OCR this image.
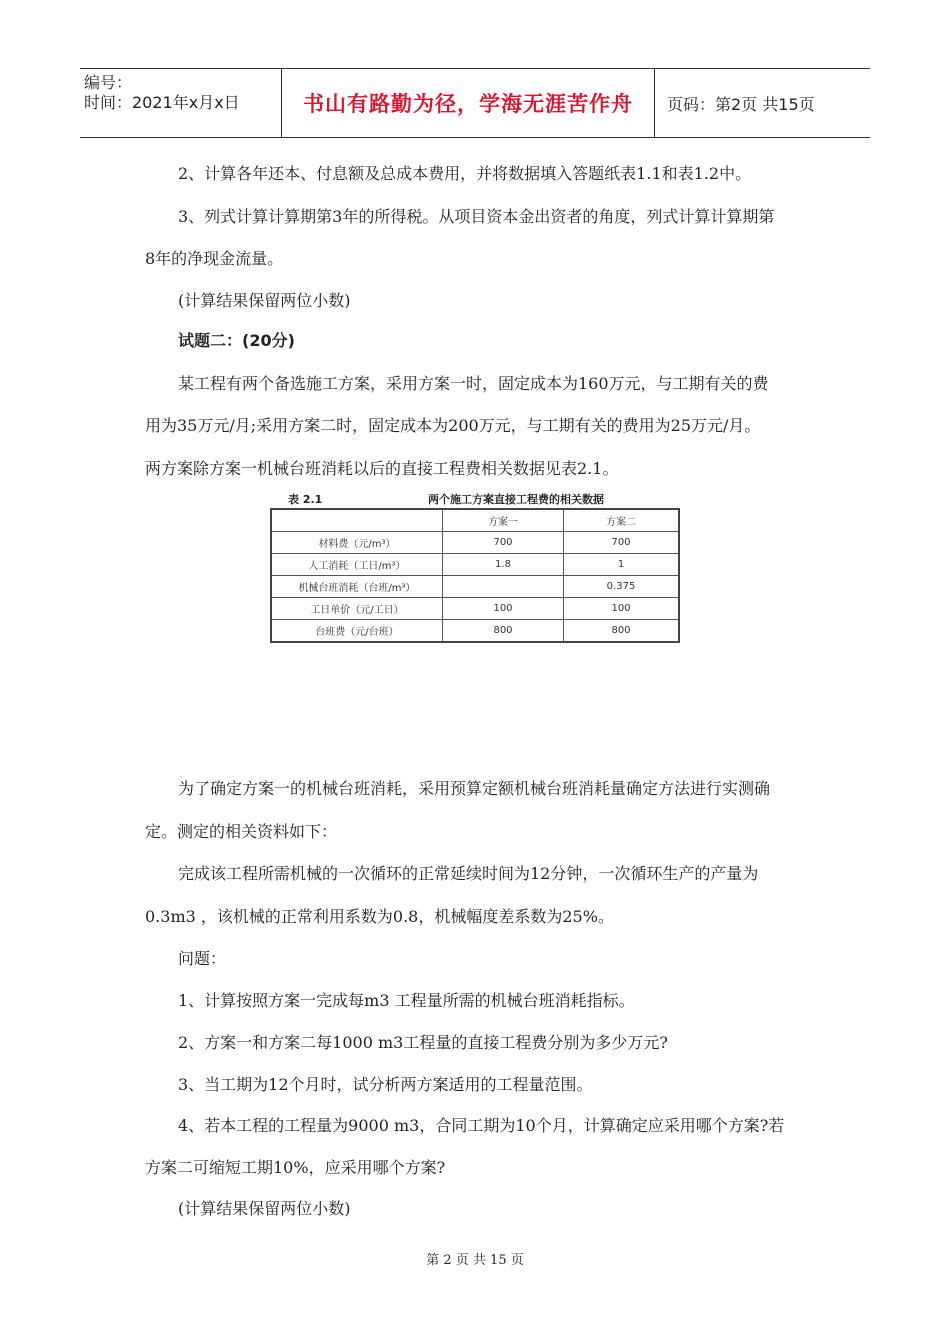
编号：
时间：2021年x月x日	书山有路勤为径，学海无涯苦作舟	页码：第2页 共15页
2、计算各年还本、付息额及总成本费用，并将数据填入答题纸表1.1和表1.2中。
3、列式计算计算期第3年的所得税。从项目资本金出资者的角度，列式计算计算期第
8年的净现金流量。
(计算结果保留两位小数)
试题二：(20分)
某工程有两个备选施工方案，采用方案一时，固定成本为160万元，与工期有关的费
用为35万元/月;采用方案二时，固定成本为200万元，与工期有关的费用为25万元/月。
两方案除方案一机械台班消耗以后的直接工程费相关数据见表2.1。
表 2.1	两个施工方案直接工程费的相关数据
	方案一	方案二
材料费（元/m³）	700	700
人工消耗（工日/m³）	1.8	1
机械台班消耗（台班/m³）		0.375
工日单价（元/工日）	100	100
台班费（元/台班）	800	800
为了确定方案一的机械台班消耗，采用预算定额机械台班消耗量确定方法进行实测确
定。测定的相关资料如下：
完成该工程所需机械的一次循环的正常延续时间为12分钟，一次循环生产的产量为
0.3m3 ，该机械的正常利用系数为0.8，机械幅度差系数为25%。
问题：
1、计算按照方案一完成每m3 工程量所需的机械台班消耗指标。
2、方案一和方案二每1000 m3工程量的直接工程费分别为多少万元?
3、当工期为12个月时，试分析两方案适用的工程量范围。
4、若本工程的工程量为9000 m3，合同工期为10个月，计算确定应采用哪个方案?若
方案二可缩短工期10%，应采用哪个方案?
(计算结果保留两位小数)
第 2 页 共 15 页
